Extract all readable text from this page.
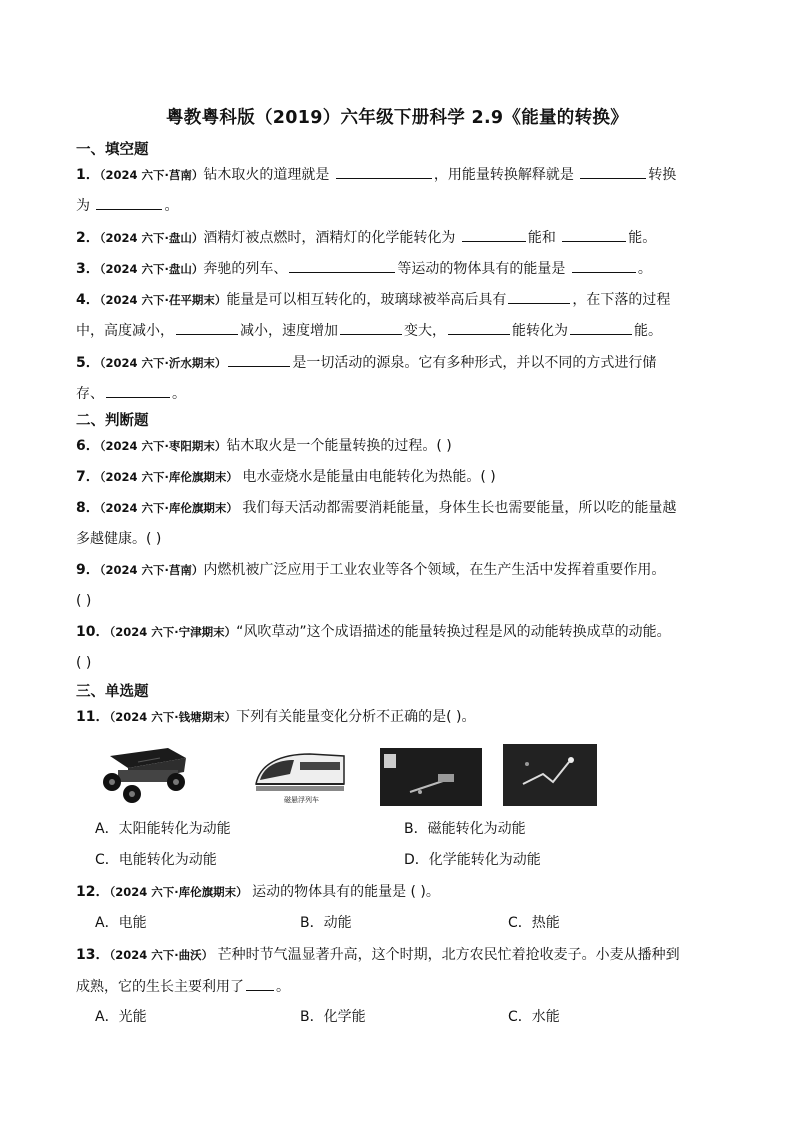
粤教粤科版（2019）六年级下册科学 2.9《能量的转换》
一、填空题
1．（2024 六下·莒南）钻木取火的道理就是	，用能量转换解释就是	转换
为	。
2．（2024 六下·盘山）酒精灯被点燃时，酒精灯的化学能转化为	能和	能。
3．（2024 六下·盘山）奔驰的列车、	等运动的物体具有的能量是	。
4．（2024 六下·茌平期末）能量是可以相互转化的，玻璃球被举高后具有	，在下落的过程
中，高度减小，	减小，速度增加	变大，	能转化为	能。
5．（2024 六下·沂水期末）	是一切活动的源泉。它有多种形式，并以不同的方式进行储
存、	。
二、判断题
6．（2024 六下·枣阳期末）钻木取火是一个能量转换的过程。( )
7．（2024 六下·库伦旗期末） 电水壶烧水是能量由电能转化为热能。( )
8．（2024 六下·库伦旗期末） 我们每天活动都需要消耗能量，身体生长也需要能量，所以吃的能量越
多越健康。( )
9．（2024 六下·莒南）内燃机被广泛应用于工业农业等各个领域，在生产生活中发挥着重要作用。
( )
10．（2024 六下·宁津期末）“风吹草动”这个成语描述的能量转换过程是风的动能转换成草的动能。
( )
三、单选题
11．（2024 六下·钱塘期末）下列有关能量变化分析不正确的是( )。
磁悬浮列车
A．太阳能转化为动能	B．磁能转化为动能
C．电能转化为动能	D．化学能转化为动能
12．（2024 六下·库伦旗期末） 运动的物体具有的能量是 ( )。
A．电能	B．动能	C．热能
13．（2024 六下·曲沃） 芒种时节气温显著升高，这个时期，北方农民忙着抢收麦子。小麦从播种到
成熟，它的生长主要利用了 。
A．光能	B．化学能	C．水能
